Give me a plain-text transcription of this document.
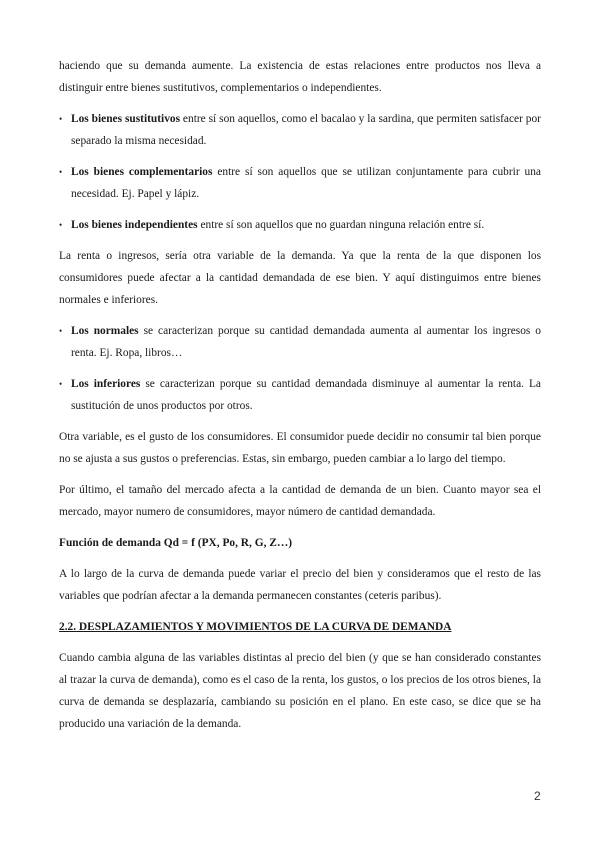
haciendo que su demanda aumente. La existencia de estas relaciones entre productos nos lleva a distinguir entre bienes sustitutivos, complementarios o independientes.

• Los bienes sustitutivos entre sí son aquellos, como el bacalao y la sardina, que permiten satisfacer por separado la misma necesidad.
• Los bienes complementarios entre sí son aquellos que se utilizan conjuntamente para cubrir una necesidad. Ej. Papel y lápiz.
• Los bienes independientes entre sí son aquellos que no guardan ninguna relación entre sí.

La renta o ingresos, sería otra variable de la demanda. Ya que la renta de la que disponen los consumidores puede afectar a la cantidad demandada de ese bien. Y aquí distinguimos entre bienes normales e inferiores.

• Los normales se caracterizan porque su cantidad demandada aumenta al aumentar los ingresos o renta. Ej. Ropa, libros…
• Los inferiores se caracterizan porque su cantidad demandada disminuye al aumentar la renta. La sustitución de unos productos por otros.

Otra variable, es el gusto de los consumidores. El consumidor puede decidir no consumir tal bien porque no se ajusta a sus gustos o preferencias. Estas, sin embargo, pueden cambiar a lo largo del tiempo.

Por último, el tamaño del mercado afecta a la cantidad de demanda de un bien. Cuanto mayor sea el mercado, mayor numero de consumidores, mayor número de cantidad demandada.

Función de demanda Qd = f (PX, Po, R, G, Z…)

A lo largo de la curva de demanda puede variar el precio del bien y consideramos que el resto de las variables que podrían afectar a la demanda permanecen constantes (ceteris paribus).

2.2. DESPLAZAMIENTOS Y MOVIMIENTOS DE LA CURVA DE DEMANDA

Cuando cambia alguna de las variables distintas al precio del bien (y que se han considerado constantes al trazar la curva de demanda), como es el caso de la renta, los gustos, o los precios de los otros bienes, la curva de demanda se desplazaría, cambiando su posición en el plano. En este caso, se dice que se ha producido una variación de la demanda.

2
